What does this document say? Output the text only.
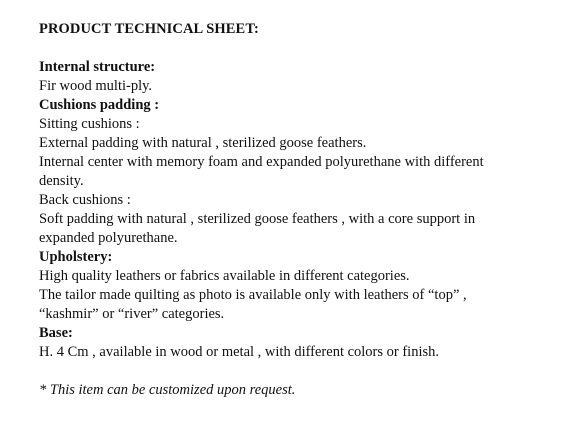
PRODUCT TECHNICAL SHEET:
Internal structure:
Fir wood multi-ply.
Cushions padding :
Sitting cushions :
External padding with natural , sterilized goose feathers.
Internal center with memory foam and expanded polyurethane with different
density.
Back cushions :
Soft padding with natural , sterilized goose feathers , with a core support in
expanded polyurethane.
Upholstery:
High quality leathers or fabrics available in different categories.
The tailor made quilting as photo is available only with leathers of “top” ,
“kashmir” or “river” categories.
Base:
H. 4 Cm , available in wood or metal , with different colors or finish.
* This item can be customized upon request.
